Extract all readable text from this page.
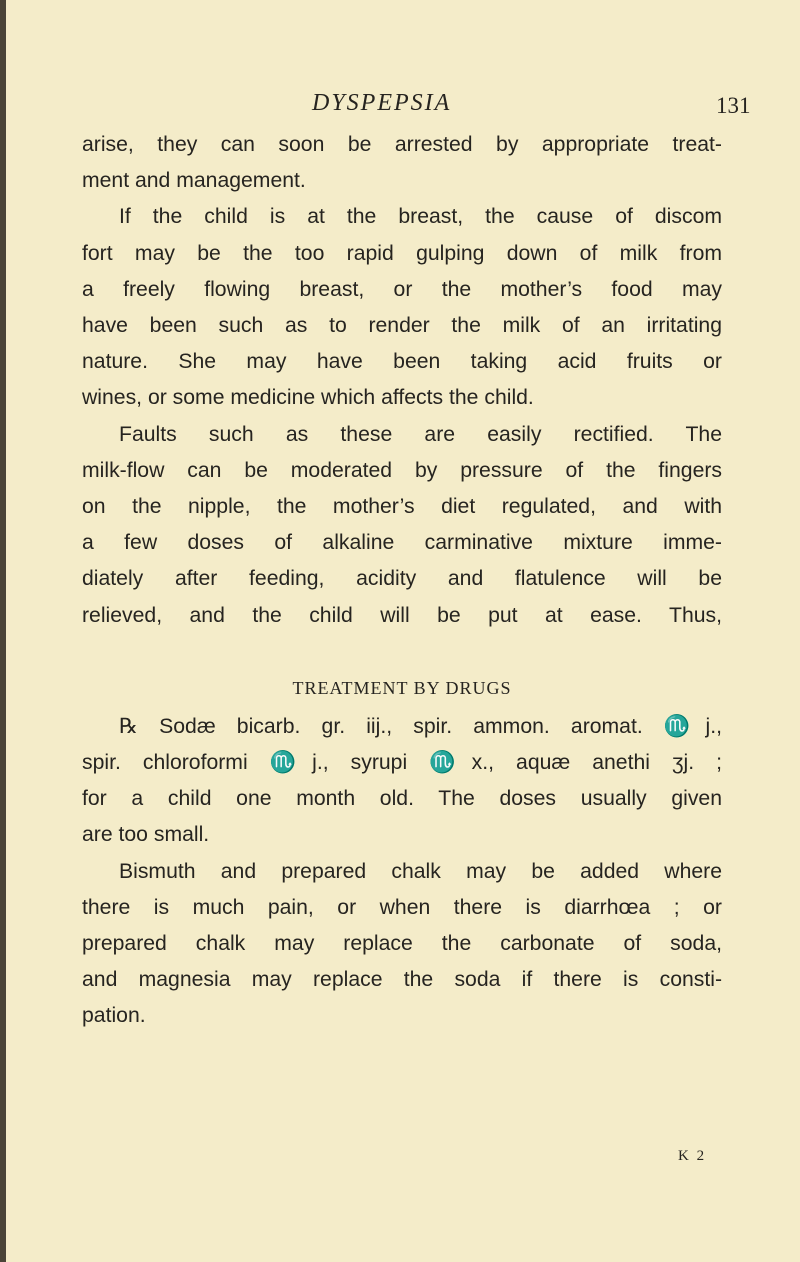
DYSPEPSIA	131
arise, they can soon be arrested by appropriate treat-
ment and management.
If the child is at the breast, the cause of discom
fort may be the too rapid gulping down of milk from
a freely flowing breast, or the mother’s food may
have been such as to render the milk of an irritating
nature. She may have been taking acid fruits or
wines, or some medicine which affects the child.
Faults such as these are easily rectified. The
milk-flow can be moderated by pressure of the fingers
on the nipple, the mother’s diet regulated, and with
a few doses of alkaline carminative mixture imme-
diately after feeding, acidity and flatulence will be
relieved, and the child will be put at ease. Thus,
TREATMENT BY DRUGS
℞ Sodæ bicarb. gr. iij., spir. ammon. aromat. ♏j.,
spir. chloroformi ♏j., syrupi ♏x., aquæ anethi ʒj. ;
for a child one month old. The doses usually given
are too small.
Bismuth and prepared chalk may be added where
there is much pain, or when there is diarrhœa ; or
prepared chalk may replace the carbonate of soda,
and magnesia may replace the soda if there is consti-
pation.
K 2
